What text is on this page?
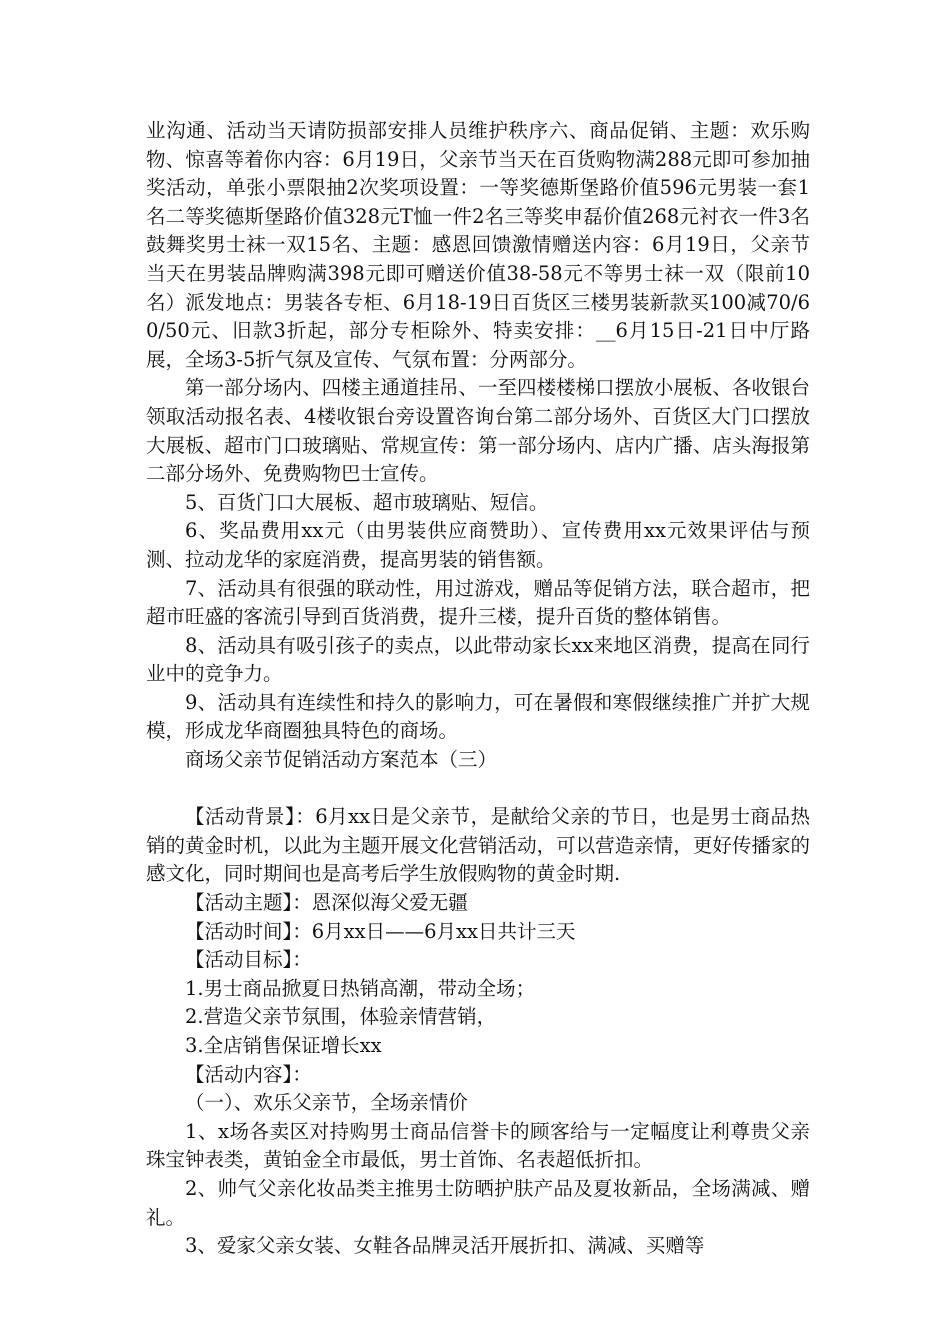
业沟通、活动当天请防损部安排人员维护秩序六、商品促销、主题：欢乐购物、惊喜等着你内容：6月19日，父亲节当天在百货购物满288元即可参加抽奖活动，单张小票限抽2次奖项设置：一等奖德斯堡路价值596元男装一套1名二等奖德斯堡路价值328元T恤一件2名三等奖申磊价值268元衬衣一件3名鼓舞奖男士袜一双15名、主题：感恩回馈激情赠送内容：6月19日，父亲节当天在男装品牌购满398元即可赠送价值38-58元不等男士袜一双（限前10名）派发地点：男装各专柜、6月18-19日百货区三楼男装新款买100减70/60/50元、旧款3折起，部分专柜除外、特卖安排：__6月15日-21日中厅路展，全场3-5折气氛及宣传、气氛布置：分两部分。

第一部分场内、四楼主通道挂吊、一至四楼楼梯口摆放小展板、各收银台领取活动报名表、4楼收银台旁设置咨询台第二部分场外、百货区大门口摆放大展板、超市门口玻璃贴、常规宣传：第一部分场内、店内广播、店头海报第二部分场外、免费购物巴士宣传。

5、百货门口大展板、超市玻璃贴、短信。

6、奖品费用xx元（由男装供应商赞助）、宣传费用xx元效果评估与预测、拉动龙华的家庭消费，提高男装的销售额。

7、活动具有很强的联动性，用过游戏，赠品等促销方法，联合超市，把超市旺盛的客流引导到百货消费，提升三楼，提升百货的整体销售。

8、活动具有吸引孩子的卖点，以此带动家长xx来地区消费，提高在同行业中的竞争力。

9、活动具有连续性和持久的影响力，可在暑假和寒假继续推广并扩大规模，形成龙华商圈独具特色的商场。

商场父亲节促销活动方案范本（三）

【活动背景】：6月xx日是父亲节，是献给父亲的节日，也是男士商品热销的黄金时机，以此为主题开展文化营销活动，可以营造亲情，更好传播家的感文化，同时期间也是高考后学生放假购物的黄金时期.

【活动主题】：恩深似海父爱无疆

【活动时间】：6月xx日——6月xx日共计三天

【活动目标】：

1.男士商品掀夏日热销高潮，带动全场；

2.营造父亲节氛围，体验亲情营销，

3.全店销售保证增长xx

【活动内容】：

（一）、欢乐父亲节，全场亲情价

1、x场各卖区对持购男士商品信誉卡的顾客给与一定幅度让利尊贵父亲珠宝钟表类，黄铂金全市最低，男士首饰、名表超低折扣。

2、帅气父亲化妆品类主推男士防晒护肤产品及夏妆新品，全场满减、赠礼。

3、爱家父亲女装、女鞋各品牌灵活开展折扣、满减、买赠等
